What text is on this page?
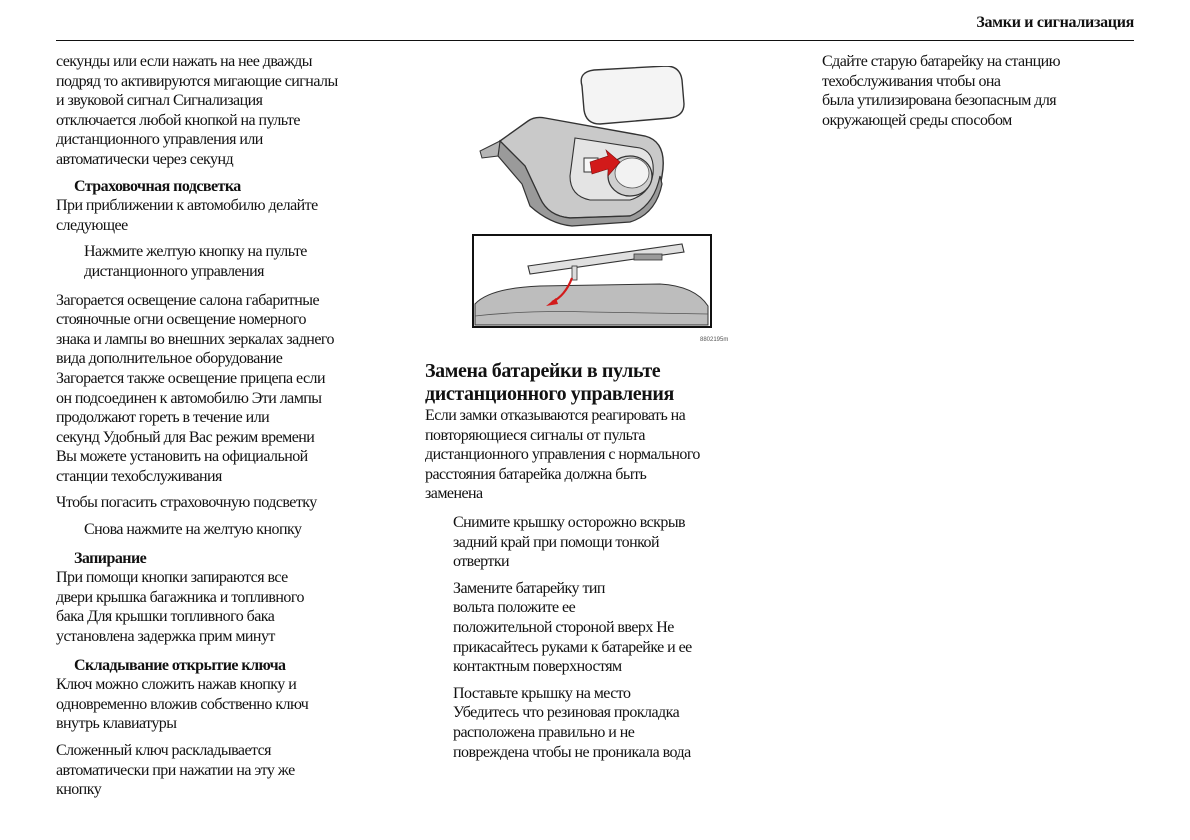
Замки и сигнализация

секунды или если нажать на нее дважды
подряд то активируются мигающие сигналы
и звуковой сигнал Сигнализация
отключается любой кнопкой на пульте
дистанционного управления или
автоматически через секунд

Страховочная подсветка

При приближении к автомобилю делайте
следующее

Нажмите желтую кнопку на пульте
дистанционного управления

Загорается освещение салона габаритные
стояночные огни освещение номерного
знака и лампы во внешних зеркалах заднего
вида дополнительное оборудование
Загорается также освещение прицепа если
он подсоединен к автомобилю Эти лампы
продолжают гореть в течение или
секунд Удобный для Вас режим времени
Вы можете установить на официальной
станции техобслуживания

Чтобы погасить страховочную подсветку

Снова нажмите на желтую кнопку

Запирание

При помощи кнопки запираются все
двери крышка багажника и топливного
бака Для крышки топливного бака
установлена задержка прим минут

Складывание открытие ключа

Ключ можно сложить нажав кнопку и
одновременно вложив собственно ключ
внутрь клавиатуры

Сложенный ключ раскладывается
автоматически при нажатии на эту же
кнопку

8802195m

Замена батарейки в пульте
дистанционного управления

Если замки отказываются реагировать на
повторяющиеся сигналы от пульта
дистанционного управления с нормального
расстояния батарейка должна быть
заменена

Снимите крышку осторожно вскрыв
задний край при помощи тонкой
отвертки

Замените батарейку тип
вольта положите ее
положительной стороной вверх Не
прикасайтесь руками к батарейке и ее
контактным поверхностям

Поставьте крышку на место
Убедитесь что резиновая прокладка
расположена правильно и не
повреждена чтобы не проникала вода

Сдайте старую батарейку на станцию
техобслуживания чтобы она
была утилизирована безопасным для
окружающей среды способом
